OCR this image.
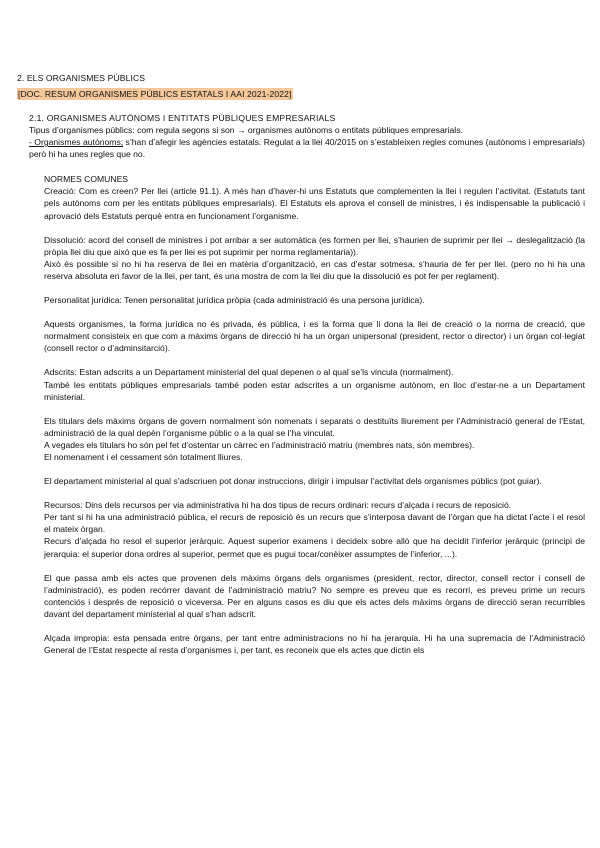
2. ELS ORGANISMES PÚBLICS
[DOC. RESUM ORGANISMES PÚBLICS ESTATALS I AAI 2021-2022]
2.1. ORGANISMES AUTÒNOMS I ENTITATS PÚBLIQUES EMPRESARIALS

Tipus d’organismes públics: com regula segons si son → organismes autònoms o entitats públiques empresarials.

- Organismes autònoms; s’han d’afegir les agències estatals. Regulat a la llei 40/2015 on s’estableixen regles comunes (autònoms i empresarials) però hi ha unes regles que no.

NORMES COMUNES

Creació: Com es creen? Per llei (article 91.1). A més han d’haver-hi uns Estatuts que complementen la llei i regulen l’activitat. (Estatuts tant pels autònoms com per les entitats públiques empresarials). El Estatuts els aprova el consell de ministres, i és indispensable la publicació i aprovació dels Estatuts perquè entra en funcionament l’organisme.

Dissolució: acord del consell de ministres i pot arribar a ser automàtica (es formen per llei, s’haurien de suprimir per llei → deslegalització (la pròpia llei diu que això que es fa per llei es pot suprimir per norma reglamentaria)).

Això és possible si no hi ha reserva de llei en matèria d’organització, en cas d’estar sotmesa, s’hauria de fer per llei. (pero no hi ha una reserva absoluta en favor de la llei, per tant, és una mostra de com la llei diu que la dissolució es pot fer per reglament).

Personalitat jurídica: Tenen personalitat jurídica pròpia (cada administració és una persona jurídica).

Aquests organismes, la forma jurídica no és privada, és pública, i es la forma que li dona la llei de creació o la norma de creació, que normalment consisteix en que com a màxims òrgans de direcció hi ha un òrgan unipersonal (president, rector o director) i un òrgan col·legiat (consell rector o d’adminsitarció).

Adscrits: Estan adscrits a un Departament ministerial del qual depenen o al qual se’ls vincula (normalment).

També les entitats públiques empresarials també poden estar adscrites a un organisme autònom, en lloc d’estar-ne a un Departament ministerial.

Els titulars dels màxims òrgans de govern normalment són nomenats i separats o destituïts lliurement per l’Administració general de l’Estat, administració de la qual depèn l’organisme públic o a la qual se l’ha vinculat.

A vegades els titulars ho són pel fet d’ostentar un càrrec en l’administració matriu (membres nats, són membres).

El nomenament i el cessament són totalment lliures.

El departament ministerial al qual s’adscriuen pot donar instruccions, dirigir i impulsar l’activitat dels organismes públics (pot guiar).

Recursos: Dins dels recursos per via administrativa hi ha dos tipus de recurs ordinari: recurs d’alçada i recurs de reposició.

Per tant si hi ha una administració pública, el recurs de reposició és un recurs que s’interposa davant de l’òrgan que ha dictat l’acte i el resol el mateix òrgan.

Recurs d’alçada ho resol el superior jeràrquic. Aquest superior examens i decideix sobre allò que ha decidit l’inferior jeràrquic (principi de jerarquia: el superior dona ordres al superior, permet que es pugui tocar/conèixer assumptes de l’inferior, ...).

El que passa amb els actes que provenen dels màxims òrgans dels organismes (president, rector, director, consell rector i consell de l’administració), es poden recórrer davant de l’administració matriu? No sempre es preveu que es recorri, es preveu prime un recurs contenciós i després de reposició o viceversa. Per en alguns casos es diu que els actes dels màxims òrgans de direcció seran recurribles davant del departament ministerial al qual s’han adscrit.

Alçada impropia: esta pensada entre òrgans, per tant entre administracions no hi ha jerarquia. Hi ha una supremacia de l’Administració General de l’Estat respecte al resta d’organismes i, per tant, es reconeix que els actes que dictin els
